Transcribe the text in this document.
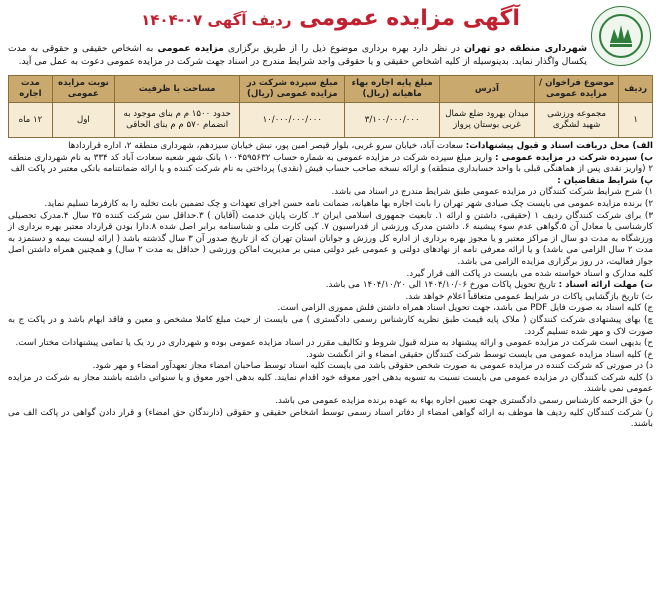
آگهی مزایده عمومی ردیف آگهی ۰۷-۱۴۰۴

شهرداری منطقه دو تهران در نظر دارد بهره برداری موضوع ذیل را از طریق برگزاری مزایده عمومی به اشخاص حقیقی و حقوقی به مدت یکسال واگذار نماید. بدینوسیله از کلیه اشخاص حقیقی و یا حقوقی واجد شرایط مندرج در اسناد جهت شرکت در مزایده عمومی دعوت به عمل می آید.

ردیف	موضوع فراخوان / مزایده عمومی	آدرس	مبلغ پایه اجاره بهاء ماهیانه (ریال)	مبلغ سپرده شرکت در مزایده عمومی (ریال)	مساحت یا ظرفیت	نوبت مزایده عمومی	مدت اجاره
۱	مجموعه ورزشی شهید لشگری	میدان بهرود ضلع شمال غربی بوستان پرواز	۳/۱۰۰/۰۰۰/۰۰۰	۱۰/۰۰۰/۰۰۰/۰۰۰	حدود ۱۵۰۰ م م بنای موجود به انضمام ۵۷۰ م م بنای الحاقی	اول	۱۲ ماه

الف) محل دریافت اسناد و قبول پیشنهادات: سعادت آباد، خیابان سرو غربی، بلوار قیصر امین پور، نبش خیابان سیزدهم، شهرداری منطقه ۲، اداره قراردادها

ب) سپرده شرکت در مزایده عمومی : واریز مبلغ سپرده شرکت در مزایده عمومی به شماره حساب ۱۰۰۴۵۹۵۶۳۲ بانک شهر شعبه سعادت آباد کد ۳۳۴ به نام شهرداری منطقه ۲ (واریز نقدی پس از هماهنگی قبلی با واحد حسابداری منطقه) و ارائه نسخه صاحب حساب فیش (نقدی) پرداختی به نام شرکت کننده و یا ارائه ضمانتنامه بانکی معتبر در پاکت الف

پ) شرایط متقاضیان :

۱) شرح شرایط شرکت کنندگان در مزایده عمومی طبق شرایط مندرج در اسناد می باشد.

۲) برنده مزایده عمومی می بایست چک صیادی شهر تهران را بابت اجاره بها ماهیانه، ضمانت نامه حسن اجرای تعهدات و چک تضمین بابت تخلیه را به کارفرما تسلیم نماید.

۳) برای شرکت کنندگان ردیف ۱ (حقیقی، داشتن و ارائه ۱. تابعیت جمهوری اسلامی ایران ۲. کارت پایان خدمت (آقایان ) ۳.حداقل سن شرکت کننده ۲۵ سال ۴.مدرک تحصیلی کارشناسی یا معادل آن ۵.گواهی عدم سوء پیشینه ۶. داشتن مدرک ورزشی از فدراسیون ۷. کپی کارت ملی و شناسنامه برابر اصل شده ۸.دارا بودن قرارداد معتبر بهره برداری از ورزشگاه به مدت دو سال از مراکز معتبر و یا مجوز بهره برداری از اداره کل ورزش و جوانان استان تهران که از تاریخ صدور آن ۳ سال گذشته باشد ( ارائه لیست بیمه و دستمزد به مدت ۲ سال الزامی می باشد) و یا ارائه معرفی نامه از نهادهای دولتی و عمومی غیر دولتی مبنی بر مدیریت اماکن ورزشی ( حداقل به مدت ۲ سال) و همچنین همراه داشتن اصل جواز فعالیت، در روز برگزاری مزایده الزامی می باشد.

کلیه مدارک و اسناد خواسته شده می بایست در پاکت الف قرار گیرد.

ت) مهلت ارائه اسناد : تاریخ تحویل پاکات مورخ ۱۴۰۴/۱۰/۰۶ الی ۱۴۰۴/۱۰/۲۰ می باشد.

ث) تاریخ بازگشایی پاکات در شرایط عمومی متعاقباً اعلام خواهد شد.

ج) کلیه اسناد به صورت فایل PDF می باشد، جهت تحویل اسناد همراه داشتن فلش مموری الزامی است.

چ) بهای پیشنهادی شرکت کنندگان ( ملاک پایه قیمت طبق نظریه کارشناس رسمی دادگستری ) می بایست از حیث مبلغ کاملا مشخص و معین و فاقد ابهام باشد و در پاکت ج به صورت لاک و مهر شده تسلیم گردد.

ح) بدیهی است شرکت در مزایده عمومی و ارائه پیشنهاد به منزله قبول شروط و تکالیف مقرر در اسناد مزایده عمومی بوده و شهرداری در رد یک یا تمامی پیشنهادات مختار است.

خ) کلیه اسناد مزایده عمومی می بایست توسط شرکت کنندگان حقیقی امضاء و اثر انگشت شود.

د) در صورتی که شرکت کننده در مزایده عمومی به صورت شخص حقوقی باشد می بایست کلیه اسناد توسط صاحبان امضاء مجاز تعهدآور امضاء و مهر شود.

ذ) کلیه شرکت کنندگان در مزایده عمومی می بایست نسبت به تسویه بدهی اجور معوقه خود اقدام نمایند. کلیه بدهی اجور معوق و یا سنواتی داشته باشند مجاز به شرکت در مزایده عمومی نمی باشند.

ر) حق الزحمه کارشناس رسمی دادگستری جهت تعیین اجاره بهاء به عهده برنده مزایده عمومی می باشد.

ز) شرکت کنندگان کلیه ردیف ها موظف به ارائه گواهی امضاء از دفاتر اسناد رسمی توسط اشخاص حقیقی و حقوقی (دارندگان حق امضاء) و قرار دادن گواهی در پاکت الف می باشند.
